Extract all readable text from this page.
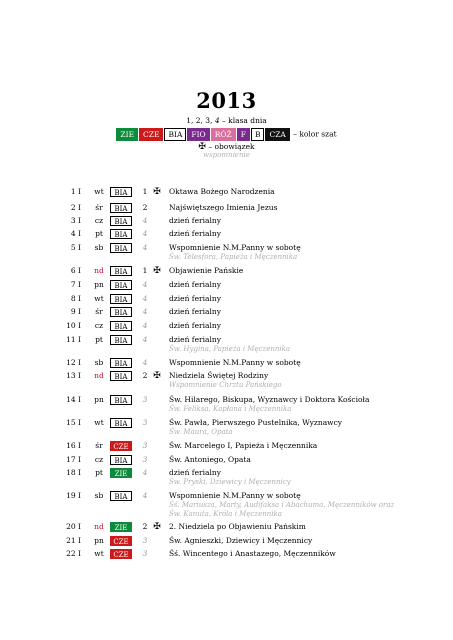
2013
1, 2, 3, 4 – klasa dnia
ZIE CZE BIA FIO RÓŻ F B CZA – kolor szat
✠ – obowiązek
wspomnienie
1 I	wt	BIA	1 ✠	Oktawa Bożego Narodzenia
2 I	śr	BIA	2	Najświętszego Imienia Jezus
3 I	cz	BIA	4	dzień ferialny
4 I	pt	BIA	4	dzień ferialny
5 I	sb	BIA	4	Wspomnienie N.M.Panny w sobotę
Św. Telesfora, Papieża i Męczennika
6 I	nd	BIA	1 ✠	Objawienie Pańskie
7 I	pn	BIA	4	dzień ferialny
8 I	wt	BIA	4	dzień ferialny
9 I	śr	BIA	4	dzień ferialny
10 I	cz	BIA	4	dzień ferialny
11 I	pt	BIA	4	dzień ferialny
Św. Hygina, Papieża i Męczennika
12 I	sb	BIA	4	Wspomnienie N.M.Panny w sobotę
13 I	nd	BIA	2 ✠	Niedziela Świętej Rodziny
Wspomnienie Chrztu Pańskiego
14 I	pn	BIA	3	Św. Hilarego, Biskupa, Wyznawcy i Doktora Kościoła
Św. Feliksa, Kapłana i Męczennika
15 I	wt	BIA	3	Św. Pawła, Pierwszego Pustelnika, Wyznawcy
Św. Maura, Opata
16 I	śr	CZE	3	Św. Marcelego I, Papieża i Męczennika
17 I	cz	BIA	3	Św. Antoniego, Opata
18 I	pt	ZIE	4	dzień ferialny
Św. Pryski, Dziewicy i Męczennicy
19 I	sb	BIA	4	Wspomnienie N.M.Panny w sobotę
Śś. Mariusza, Marty, Audifaksa i Abachuma, Męczenników oraz
Św. Kanuta, Króla i Męczennika
20 I	nd	ZIE	2 ✠	2. Niedziela po Objawieniu Pańskim
21 I	pn	CZE	3	Św. Agnieszki, Dziewicy i Męczennicy
22 I	wt	CZE	3	Śś. Wincentego i Anastazego, Męczenników
